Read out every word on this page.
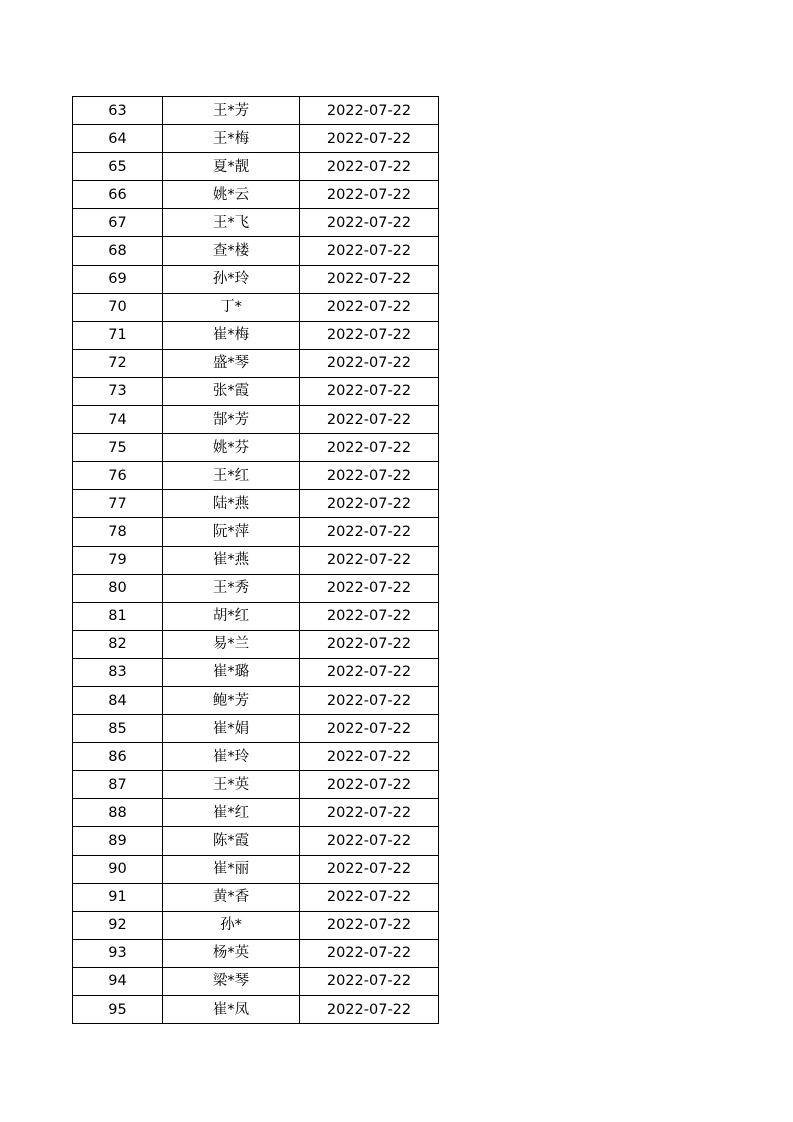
63	王*芳	2022-07-22
64	王*梅	2022-07-22
65	夏*靓	2022-07-22
66	姚*云	2022-07-22
67	王*飞	2022-07-22
68	查*楼	2022-07-22
69	孙*玲	2022-07-22
70	丁*	2022-07-22
71	崔*梅	2022-07-22
72	盛*琴	2022-07-22
73	张*霞	2022-07-22
74	郜*芳	2022-07-22
75	姚*芬	2022-07-22
76	王*红	2022-07-22
77	陆*燕	2022-07-22
78	阮*萍	2022-07-22
79	崔*燕	2022-07-22
80	王*秀	2022-07-22
81	胡*红	2022-07-22
82	易*兰	2022-07-22
83	崔*璐	2022-07-22
84	鲍*芳	2022-07-22
85	崔*娟	2022-07-22
86	崔*玲	2022-07-22
87	王*英	2022-07-22
88	崔*红	2022-07-22
89	陈*霞	2022-07-22
90	崔*丽	2022-07-22
91	黄*香	2022-07-22
92	孙*	2022-07-22
93	杨*英	2022-07-22
94	梁*琴	2022-07-22
95	崔*凤	2022-07-22
